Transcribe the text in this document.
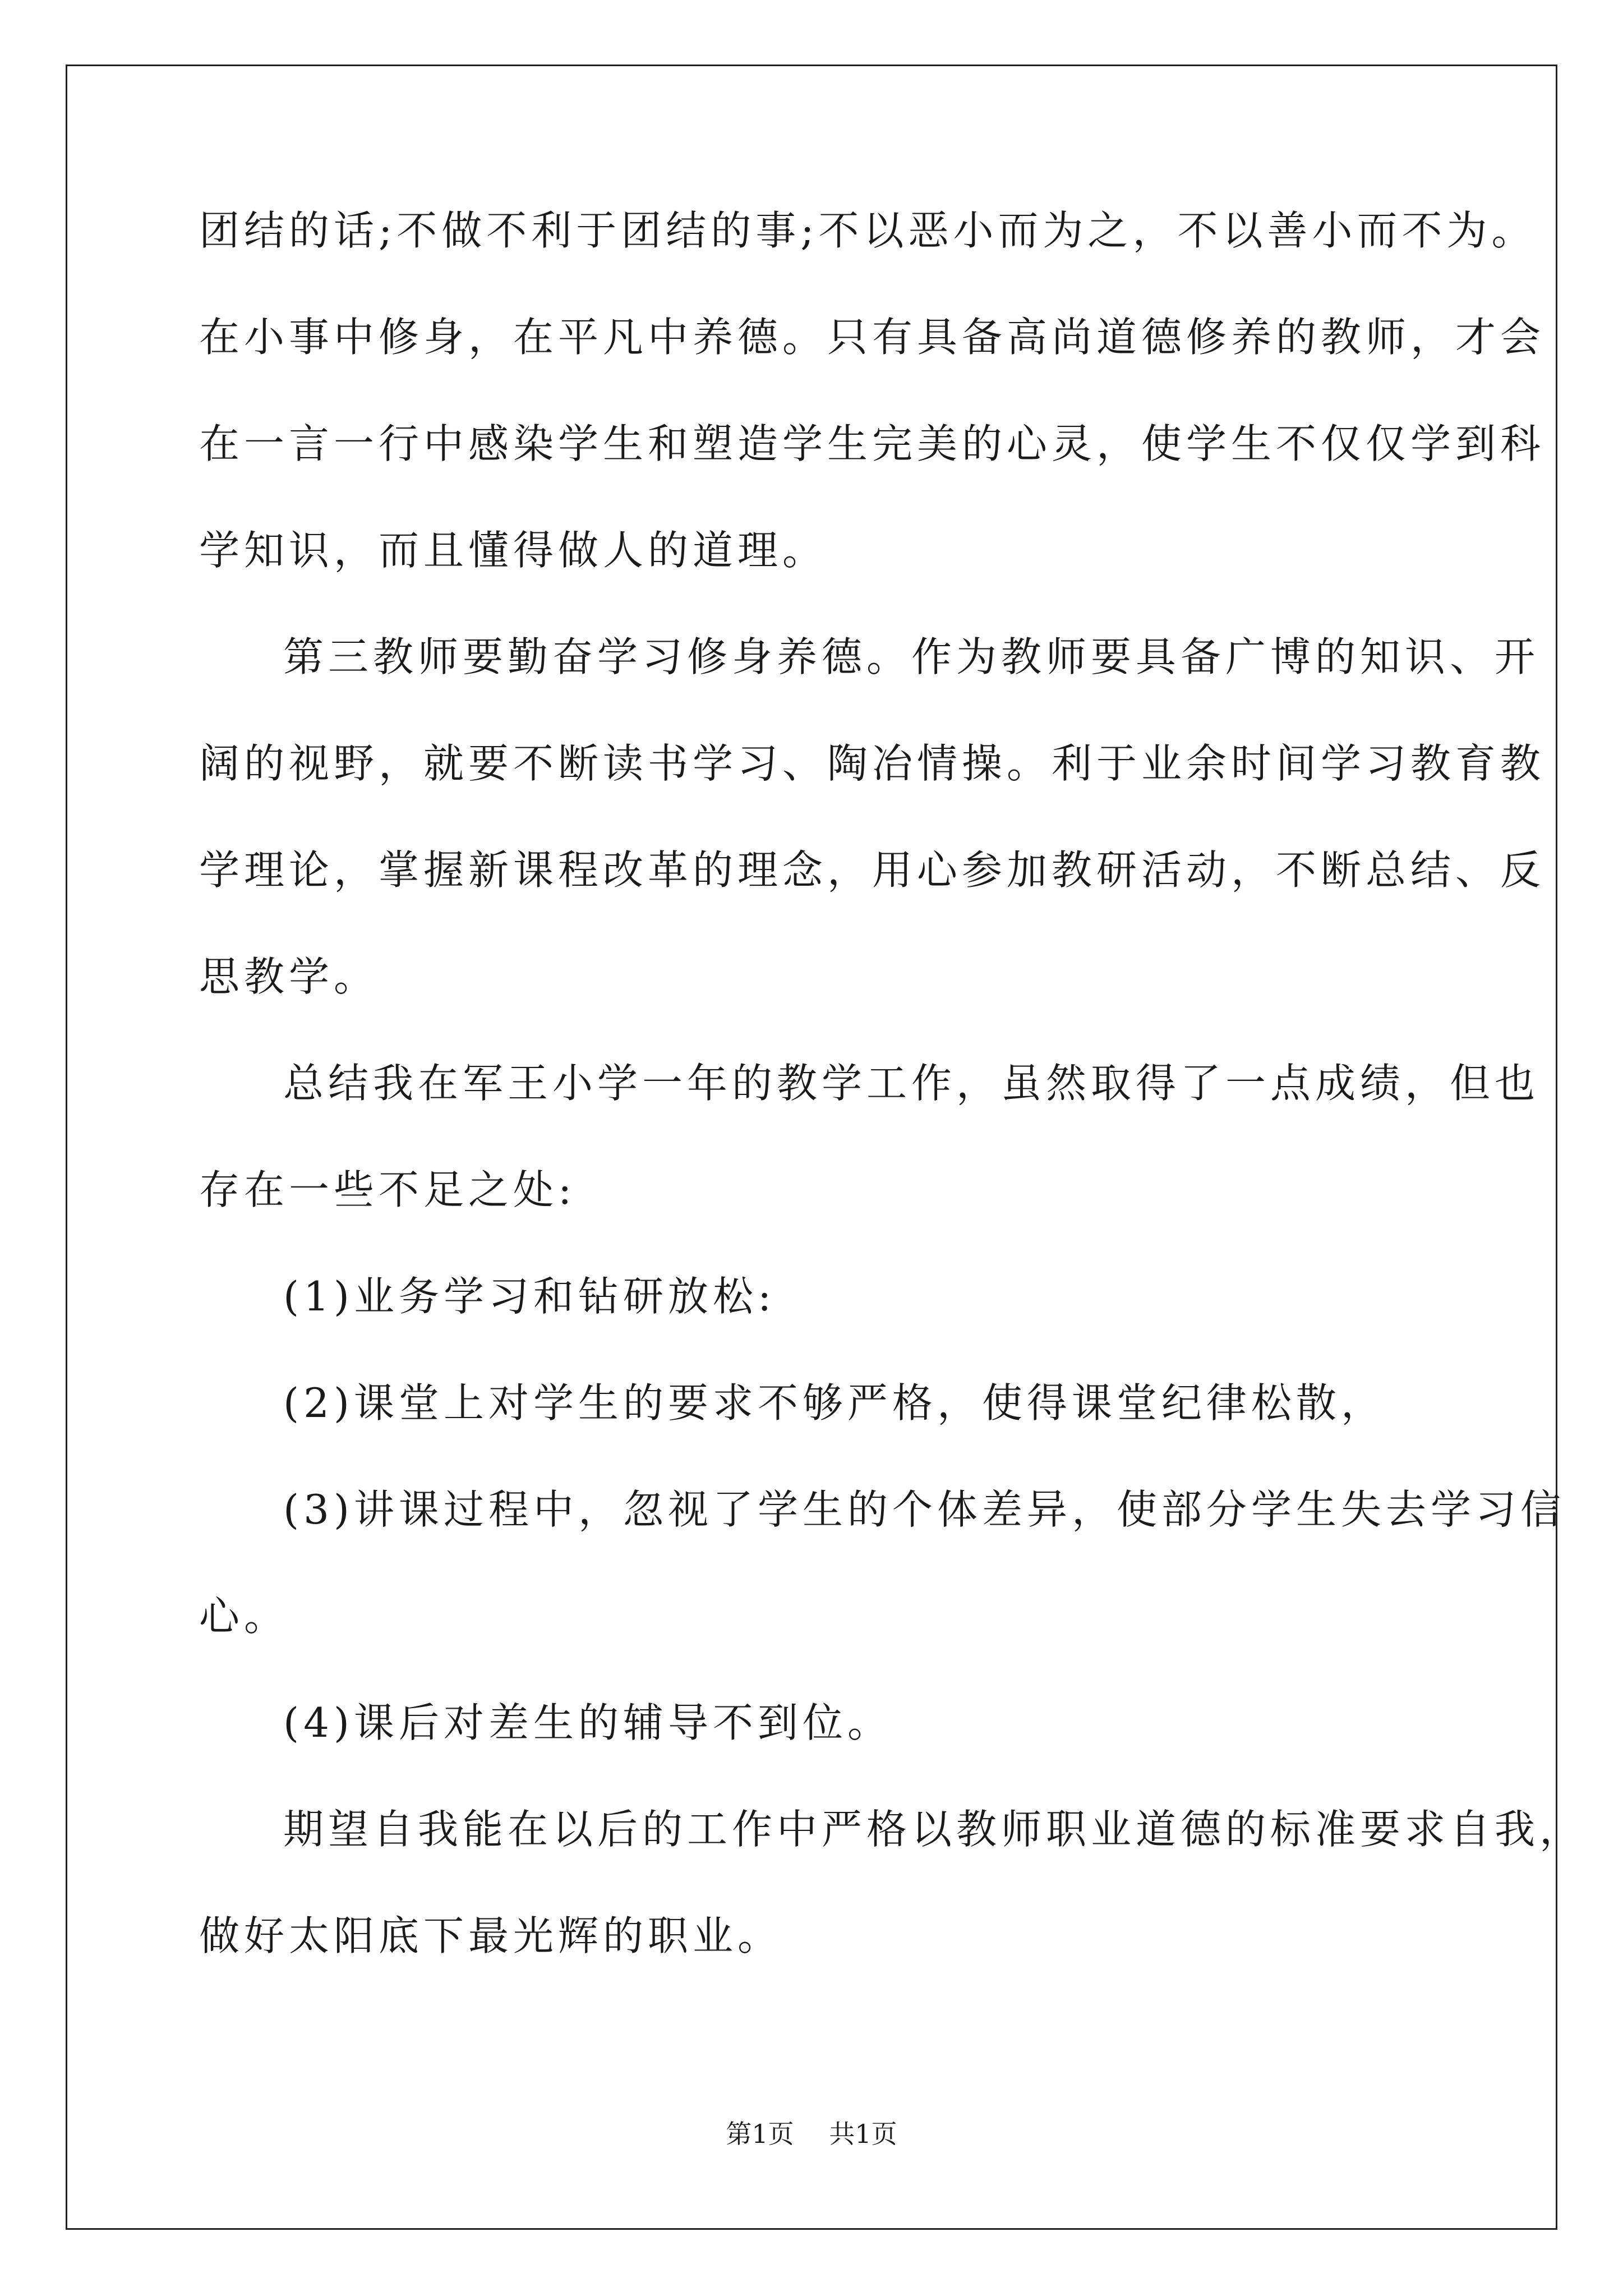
团结的话;不做不利于团结的事;不以恶小而为之，不以善小而不为。
在小事中修身，在平凡中养德。只有具备高尚道德修养的教师，才会
在一言一行中感染学生和塑造学生完美的心灵，使学生不仅仅学到科
学知识，而且懂得做人的道理。
第三教师要勤奋学习修身养德。作为教师要具备广博的知识、开
阔的视野，就要不断读书学习、陶冶情操。利于业余时间学习教育教
学理论，掌握新课程改革的理念，用心参加教研活动，不断总结、反
思教学。
总结我在军王小学一年的教学工作，虽然取得了一点成绩，但也
存在一些不足之处:
(1)业务学习和钻研放松:
(2)课堂上对学生的要求不够严格，使得课堂纪律松散，
(3)讲课过程中，忽视了学生的个体差异，使部分学生失去学习信
心。
(4)课后对差生的辅导不到位。
期望自我能在以后的工作中严格以教师职业道德的标准要求自我，
做好太阳底下最光辉的职业。
第1页 共1页
